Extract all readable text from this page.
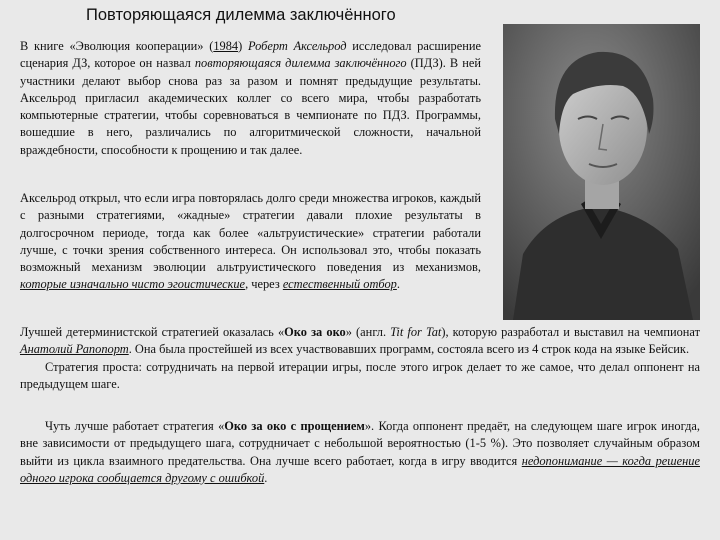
Повторяющаяся дилемма заключённого

В книге «Эволюция кооперации» (1984) Роберт Аксельрод исследовал расширение сценария ДЗ, которое он назвал повторяющаяся дилемма заключённого (ПДЗ). В ней участники делают выбор снова раз за разом и помнят предыдущие результаты. Аксельрод пригласил академических коллег со всего мира, чтобы разработать компьютерные стратегии, чтобы соревноваться в чемпионате по ПДЗ. Программы, вошедшие в него, различались по алгоритмической сложности, начальной враждебности, способности к прощению и так далее.

Аксельрод открыл, что если игра повторялась долго среди множества игроков, каждый с разными стратегиями, «жадные» стратегии давали плохие результаты в долгосрочном периоде, тогда как более «альтруистические» стратегии работали лучше, с точки зрения собственного интереса. Он использовал это, чтобы показать возможный механизм эволюции альтруистического поведения из механизмов, которые изначально чисто эгоистические, через естественный отбор.

Лучшей детерминистской стратегией оказалась «Око за око» (англ. Tit for Tat), которую разработал и выставил на чемпионат Анатолий Рапопорт. Она была простейшей из всех участвовавших программ, состояла всего из 4 строк кода на языке Бейсик.
Стратегия проста: сотрудничать на первой итерации игры, после этого игрок делает то же самое, что делал оппонент на предыдущем шаге.

Чуть лучше работает стратегия «Око за око с прощением». Когда оппонент предаёт, на следующем шаге игрок иногда, вне зависимости от предыдущего шага, сотрудничает с небольшой вероятностью (1-5 %). Это позволяет случайным образом выйти из цикла взаимного предательства. Она лучше всего работает, когда в игру вводится недопонимание — когда решение одного игрока сообщается другому с ошибкой.
